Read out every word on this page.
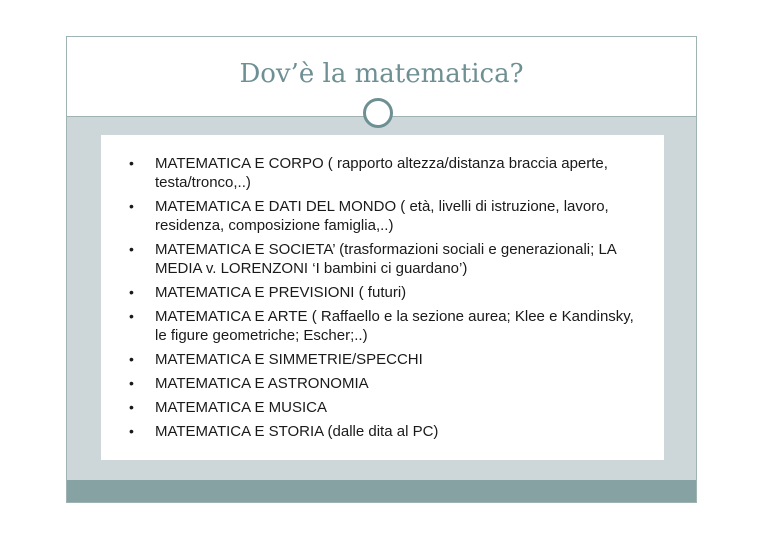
Dov’è la matematica?
• MATEMATICA E CORPO ( rapporto altezza/distanza braccia aperte, testa/tronco,..)
• MATEMATICA E DATI DEL MONDO ( età, livelli di istruzione, lavoro, residenza, composizione famiglia,..)
• MATEMATICA E SOCIETA’ (trasformazioni sociali e generazionali; LA MEDIA v. LORENZONI ‘I bambini ci guardano’)
• MATEMATICA E PREVISIONI ( futuri)
• MATEMATICA E ARTE ( Raffaello e la sezione aurea; Klee e Kandinsky, le figure geometriche; Escher;..)
• MATEMATICA E SIMMETRIE/SPECCHI
• MATEMATICA E ASTRONOMIA
• MATEMATICA E MUSICA
• MATEMATICA E STORIA (dalle dita al PC)
